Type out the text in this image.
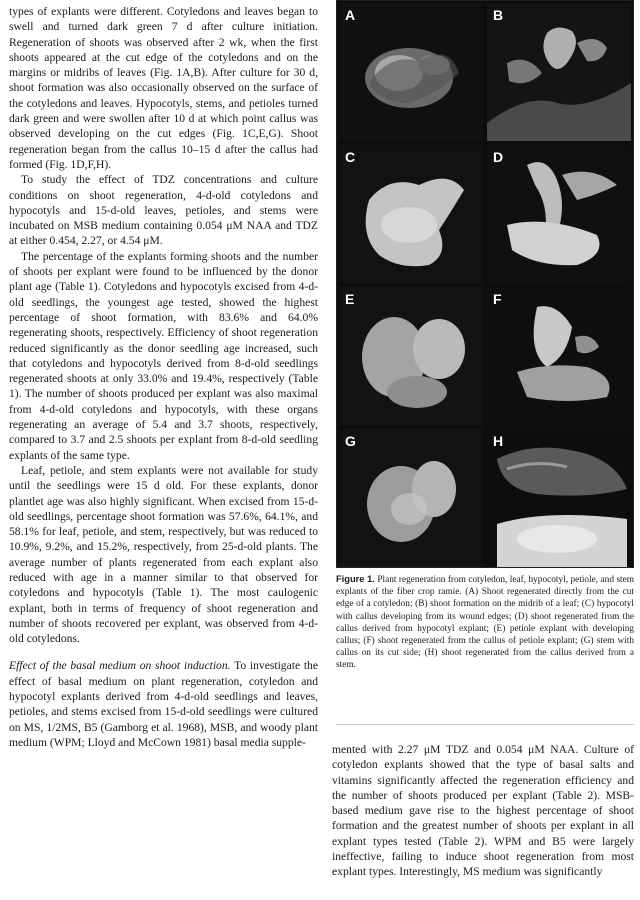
types of explants were different. Cotyledons and leaves began to swell and turned dark green 7 d after culture initiation. Regeneration of shoots was observed after 2 wk, when the first shoots appeared at the cut edge of the cotyledons and on the margins or midribs of leaves (Fig. 1A,B). After culture for 30 d, shoot formation was also occasionally observed on the surface of the cotyledons and leaves. Hypocotyls, stems, and petioles turned dark green and were swollen after 10 d at which point callus was observed developing on the cut edges (Fig. 1C,E,G). Shoot regeneration began from the callus 10–15 d after the callus had formed (Fig. 1D,F,H).

To study the effect of TDZ concentrations and culture conditions on shoot regeneration, 4-d-old cotyledons and hypocotyls and 15-d-old leaves, petioles, and stems were incubated on MSB medium containing 0.054 μM NAA and TDZ at either 0.454, 2.27, or 4.54 μM.

The percentage of the explants forming shoots and the number of shoots per explant were found to be influenced by the donor plant age (Table 1). Cotyledons and hypocotyls excised from 4-d-old seedlings, the youngest age tested, showed the highest percentage of shoot formation, with 83.6% and 64.0% regenerating shoots, respectively. Efficiency of shoot regeneration reduced significantly as the donor seedling age increased, such that cotyledons and hypocotyls derived from 8-d-old seedlings regenerated shoots at only 33.0% and 19.4%, respectively (Table 1). The number of shoots produced per explant was also maximal from 4-d-old cotyledons and hypocotyls, with these organs regenerating an average of 5.4 and 3.7 shoots, respectively, compared to 3.7 and 2.5 shoots per explant from 8-d-old seedling explants of the same type.

Leaf, petiole, and stem explants were not available for study until the seedlings were 15 d old. For these explants, donor plantlet age was also highly significant. When excised from 15-d-old seedlings, percentage shoot formation was 57.6%, 64.1%, and 58.1% for leaf, petiole, and stem, respectively, but was reduced to 10.9%, 9.2%, and 15.2%, respectively, from 25-d-old plants. The average number of plants regenerated from each explant also reduced with age in a manner similar to that observed for cotyledons and hypocotyls (Table 1). The most caulogenic explant, both in terms of frequency of shoot regeneration and number of shoots recovered per explant, was observed from 4-d-old cotyledons.

Effect of the basal medium on shoot induction. To investigate the effect of basal medium on plant regeneration, cotyledon and hypocotyl explants derived from 4-d-old seedlings and leaves, petioles, and stems excised from 15-d-old seedlings were cultured on MS, 1/2MS, B5 (Gamborg et al. 1968), MSB, and woody plant medium (WPM; Lloyd and McCown 1981) basal media supple-

A	B
C	D
E	F
G	H
Figure 1. Plant regeneration from cotyledon, leaf, hypocotyl, petiole, and stem explants of the fiber crop ramie. (A) Shoot regenerated directly from the cut edge of a cotyledon; (B) shoot formation on the midrib of a leaf; (C) hypocotyl with callus developing from its wound edges; (D) shoot regenerated from the callus derived from hypocotyl explant; (E) petiole explant with developing callus; (F) shoot regenerated from the callus of petiole explant; (G) stem with callus on its cut side; (H) shoot regenerated from the callus derived from a stem.

mented with 2.27 μM TDZ and 0.054 μM NAA. Culture of cotyledon explants showed that the type of basal salts and vitamins significantly affected the regeneration efficiency and the number of shoots produced per explant (Table 2). MSB-based medium gave rise to the highest percentage of shoot formation and the greatest number of shoots per explant in all explant types tested (Table 2). WPM and B5 were largely ineffective, failing to induce shoot regeneration from most explant types. Interestingly, MS medium was significantly
